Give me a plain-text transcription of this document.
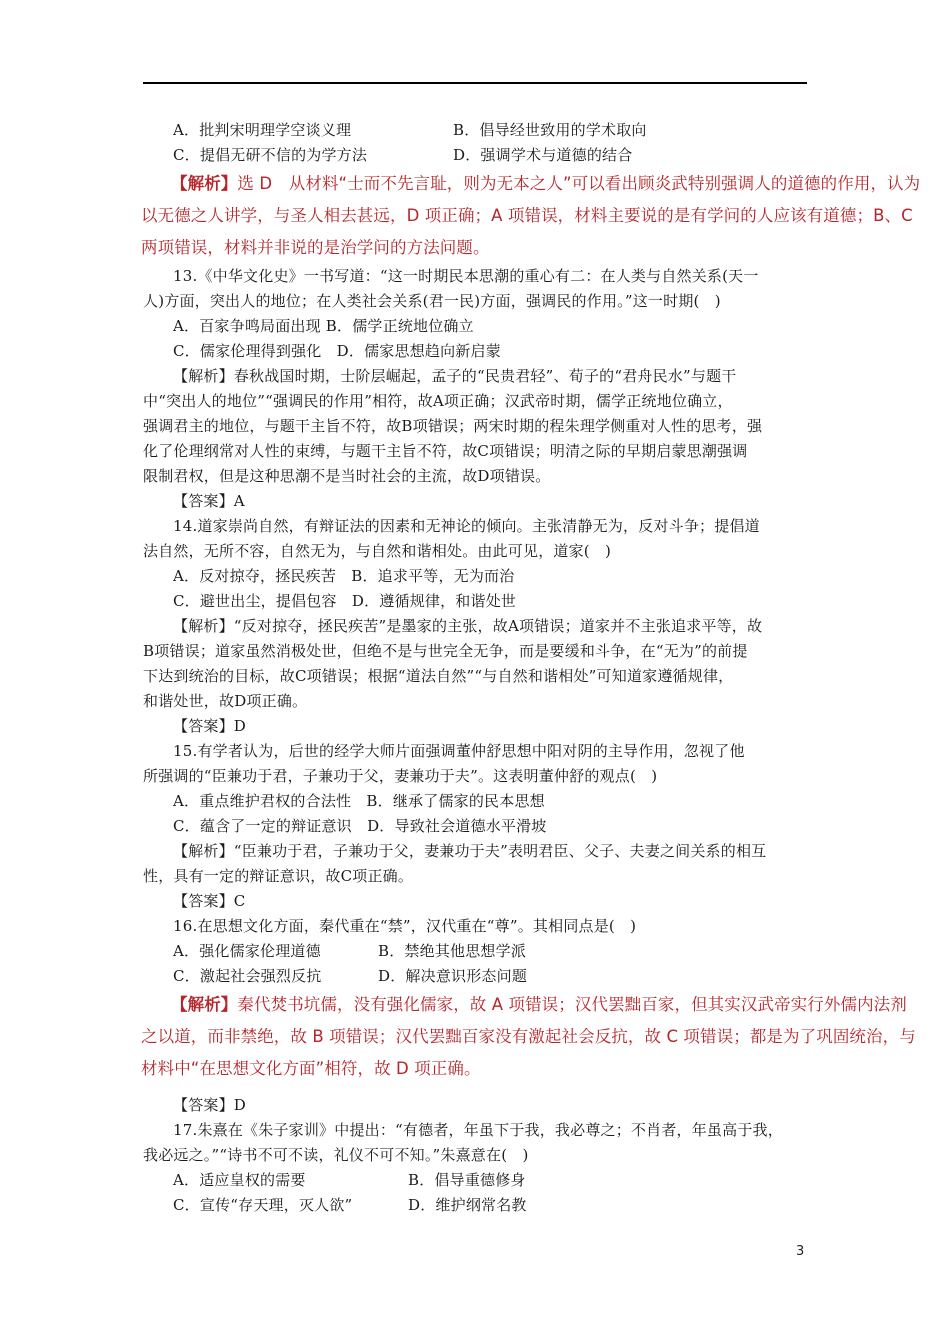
A．批判宋明理学空谈义理	B．倡导经世致用的学术取向
C．提倡无研不信的为学方法	D．强调学术与道德的结合
【解析】选 D　从材料“士而不先言耻，则为无本之人”可以看出顾炎武特别强调人的道德的作用，认为
以无德之人讲学，与圣人相去甚远，D 项正确；A 项错误，材料主要说的是有学问的人应该有道德；B、C
两项错误，材料并非说的是治学问的方法问题。
13.《中华文化史》一书写道：“这一时期民本思潮的重心有二：在人类与自然关系(天一
人)方面，突出人的地位；在人类社会关系(君一民)方面，强调民的作用。”这一时期(　)
A．百家争鸣局面出现 B．儒学正统地位确立
C．儒家伦理得到强化　D．儒家思想趋向新启蒙
【解析】春秋战国时期，士阶层崛起，孟子的“民贵君轻”、荀子的“君舟民水”与题干
中“突出人的地位”“强调民的作用”相符，故A项正确；汉武帝时期，儒学正统地位确立，
强调君主的地位，与题干主旨不符，故B项错误；两宋时期的程朱理学侧重对人性的思考，强
化了伦理纲常对人性的束缚，与题干主旨不符，故C项错误；明清之际的早期启蒙思潮强调
限制君权，但是这种思潮不是当时社会的主流，故D项错误。
【答案】A
14.道家崇尚自然，有辩证法的因素和无神论的倾向。主张清静无为，反对斗争；提倡道
法自然，无所不容，自然无为，与自然和谐相处。由此可见，道家(　)
A．反对掠夺，拯民疾苦　B．追求平等，无为而治
C．避世出尘，提倡包容　D．遵循规律，和谐处世
【解析】“反对掠夺，拯民疾苦”是墨家的主张，故A项错误；道家并不主张追求平等，故
B项错误；道家虽然消极处世，但绝不是与世完全无争，而是要缓和斗争，在“无为”的前提
下达到统治的目标，故C项错误；根据“道法自然”“与自然和谐相处”可知道家遵循规律，
和谐处世，故D项正确。
【答案】D
15.有学者认为，后世的经学大师片面强调董仲舒思想中阳对阴的主导作用，忽视了他
所强调的“臣兼功于君，子兼功于父，妻兼功于夫”。这表明董仲舒的观点(　)
A．重点维护君权的合法性　B．继承了儒家的民本思想
C．蕴含了一定的辩证意识　D．导致社会道德水平滑坡
【解析】“臣兼功于君，子兼功于父，妻兼功于夫”表明君臣、父子、夫妻之间关系的相互
性，具有一定的辩证意识，故C项正确。
【答案】C
16.在思想文化方面，秦代重在“禁”，汉代重在“尊”。其相同点是(　)
A．强化儒家伦理道德	B．禁绝其他思想学派
C．激起社会强烈反抗	D．解决意识形态问题
【解析】秦代焚书坑儒，没有强化儒家，故 A 项错误；汉代罢黜百家，但其实汉武帝实行外儒内法剂
之以道，而非禁绝，故 B 项错误；汉代罢黜百家没有激起社会反抗，故 C 项错误；都是为了巩固统治，与
材料中“在思想文化方面”相符，故 D 项正确。
【答案】D
17.朱熹在《朱子家训》中提出：“有德者，年虽下于我，我必尊之；不肖者，年虽高于我，
我必远之。”“诗书不可不读，礼仪不可不知。”朱熹意在(　)
A．适应皇权的需要	B．倡导重德修身
C．宣传“存天理，灭人欲”	D．维护纲常名教
3
